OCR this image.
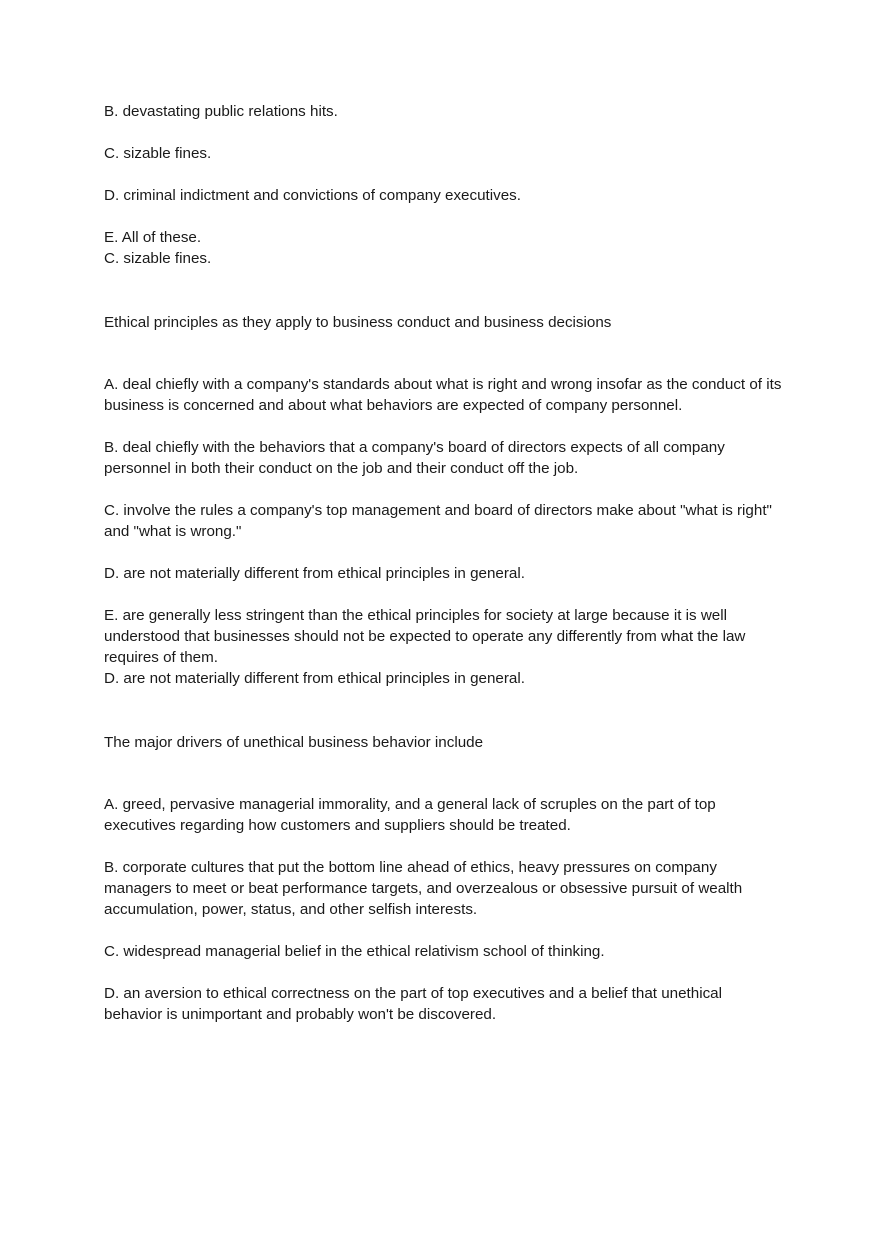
B. devastating public relations hits.

C. sizable fines.

D. criminal indictment and convictions of company executives.

E. All of these.

C. sizable fines.

Ethical principles as they apply to business conduct and business decisions

A. deal chiefly with a company's standards about what is right and wrong insofar as the conduct of its business is concerned and about what behaviors are expected of company personnel.

B. deal chiefly with the behaviors that a company's board of directors expects of all company personnel in both their conduct on the job and their conduct off the job.

C. involve the rules a company's top management and board of directors make about "what is right" and "what is wrong."

D. are not materially different from ethical principles in general.

E. are generally less stringent than the ethical principles for society at large because it is well understood that businesses should not be expected to operate any differently from what the law requires of them.

D. are not materially different from ethical principles in general.

The major drivers of unethical business behavior include

A. greed, pervasive managerial immorality, and a general lack of scruples on the part of top executives regarding how customers and suppliers should be treated.

B. corporate cultures that put the bottom line ahead of ethics, heavy pressures on company managers to meet or beat performance targets, and overzealous or obsessive pursuit of wealth accumulation, power, status, and other selfish interests.

C. widespread managerial belief in the ethical relativism school of thinking.

D. an aversion to ethical correctness on the part of top executives and a belief that unethical behavior is unimportant and probably won't be discovered.
